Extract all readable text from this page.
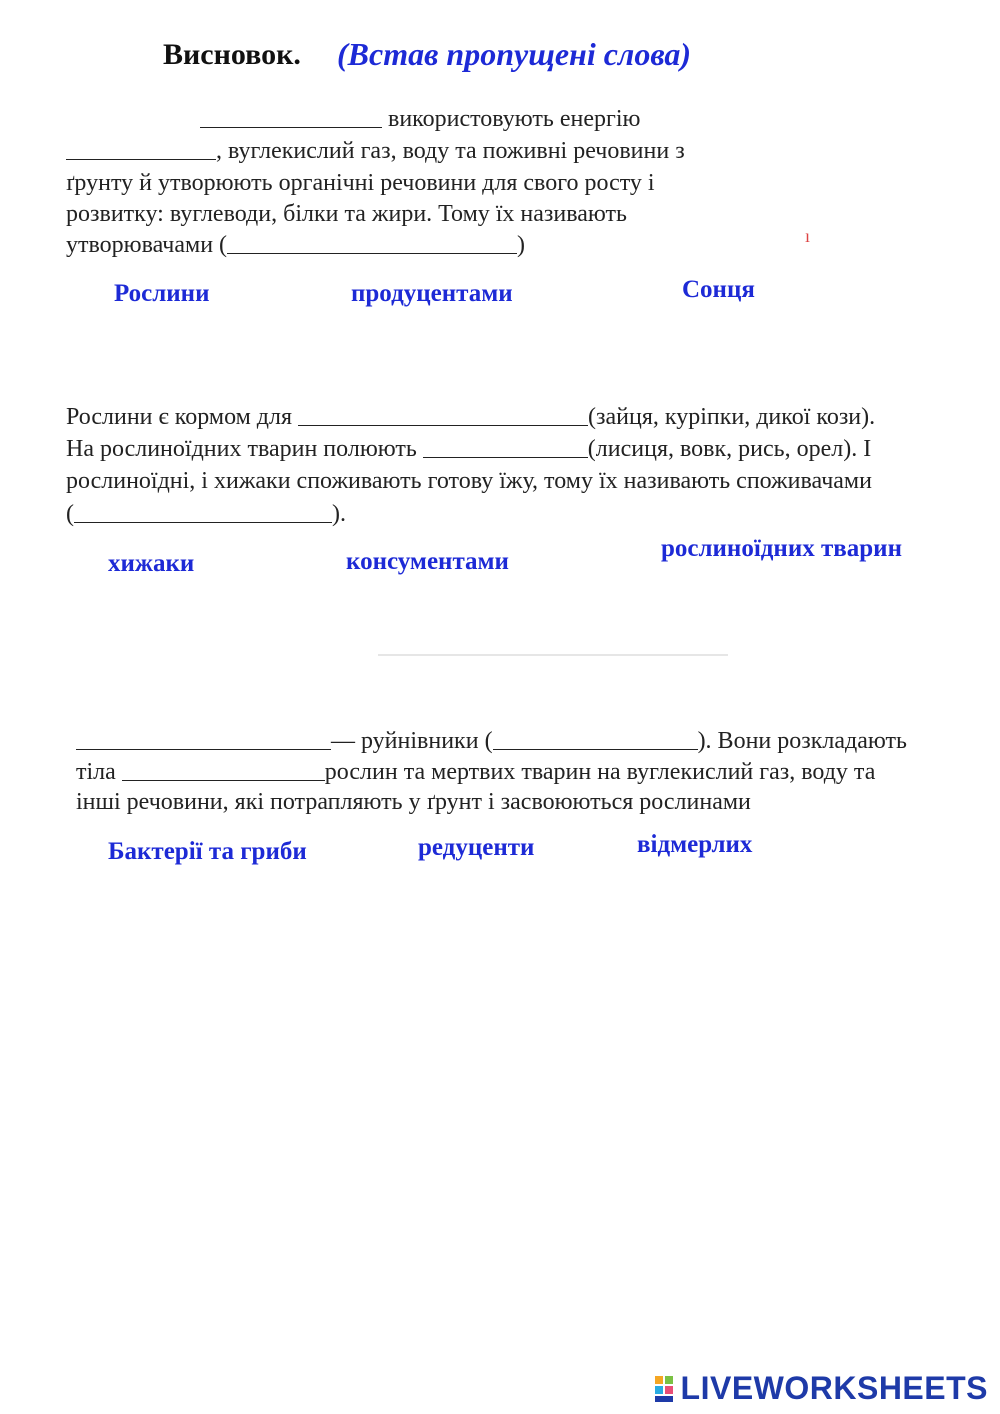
Висновок. (Встав пропущені слова)
використовують енергію
, вуглекислий газ, воду та поживні речовини з
ґрунту й утворюють органічні речовини для свого росту і
розвитку: вуглеводи, білки та жири. Тому їх називають
утворювачами (	)	ı
Рослини	продуцентами	Сонця
Рослини є кормом для	(зайця, куріпки, дикої кози).
На рослиноїдних тварин полюють	(лисиця, вовк, рись, орел). І
рослиноїдні, і хижаки споживають готову їжу, тому їх називають споживачами
(	).
хижаки	консументами	рослиноїдних тварин
— руйнівники (	). Вони розкладають
тіла	рослин та мертвих тварин на вуглекислий газ, воду та
інші речовини, які потрапляють у ґрунт і засвоюються рослинами
Бактерії та гриби	редуценти	відмерлих
LIVEWORKSHEETS
